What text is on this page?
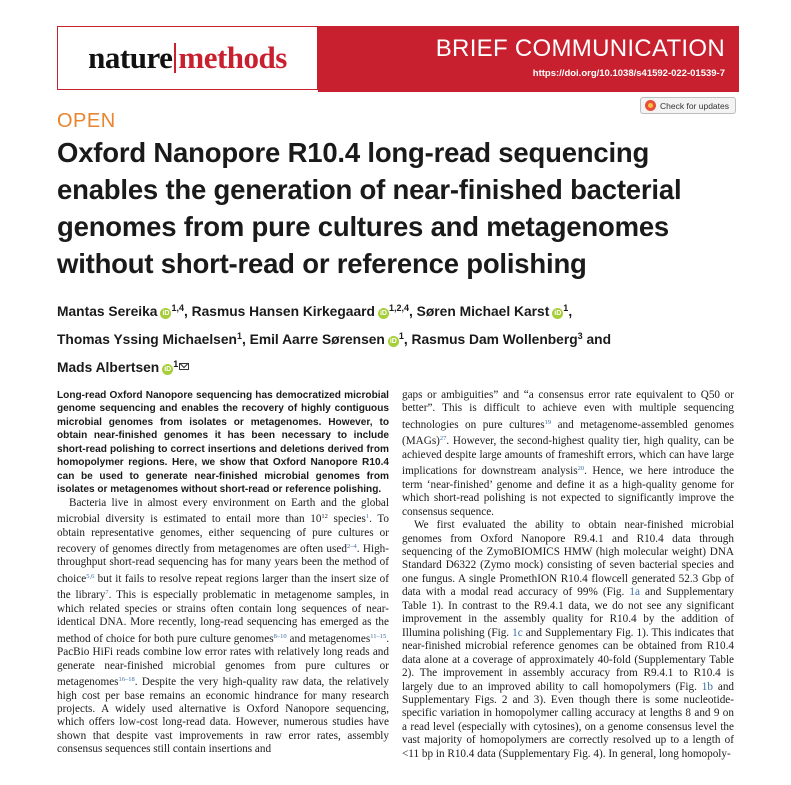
nature methods	BRIEF COMMUNICATION
https://doi.org/10.1038/s41592-022-01539-7
Check for updates
OPEN
Oxford Nanopore R10.4 long-read sequencing enables the generation of near-finished bacterial genomes from pure cultures and metagenomes without short-read or reference polishing
Mantas Sereika iD$^{1,4}$, Rasmus Hansen Kirkegaard iD$^{1,2,4}$, Søren Michael Karst iD$^1$,
Thomas Yssing Michaelsen$^1$, Emil Aarre Sørensen iD$^1$, Rasmus Dam Wollenberg$^3$ and
Mads Albertsen iD$^1$

Long-read Oxford Nanopore sequencing has democratized microbial genome sequencing and enables the recovery of highly contiguous microbial genomes from isolates or metagenomes. However, to obtain near-finished genomes it has been necessary to include short-read polishing to correct insertions and deletions derived from homopolymer regions. Here, we show that Oxford Nanopore R10.4 can be used to generate near-finished microbial genomes from isolates or metagenomes without short-read or reference polishing.

Bacteria live in almost every environment on Earth and the global microbial diversity is estimated to entail more than $10^{12}$ species$^1$. To obtain representative genomes, either sequencing of pure cultures or recovery of genomes directly from metagenomes are often used$^{2-4}$. High-throughput short-read sequencing has for many years been the method of choice$^{5,6}$ but it fails to resolve repeat regions larger than the insert size of the library$^7$. This is especially problematic in metagenome samples, in which related species or strains often contain long sequences of near-identical DNA. More recently, long-read sequencing has emerged as the method of choice for both pure culture genomes$^{8-10}$ and metagenomes$^{11-15}$. PacBio HiFi reads combine low error rates with relatively long reads and generate near-finished microbial genomes from pure cultures or metagenomes$^{16-18}$. Despite the very high-quality raw data, the relatively high cost per base remains an economic hindrance for many research projects. A widely used alternative is Oxford Nanopore sequencing, which offers low-cost long-read data. However, numerous studies have shown that despite vast improvements in raw error rates, assembly consensus sequences still contain insertions and

gaps or ambiguities” and “a consensus error rate equivalent to Q50 or better”. This is difficult to achieve even with multiple sequencing technologies on pure cultures$^{19}$ and metagenome-assembled genomes (MAGs)$^{27}$. However, the second-highest quality tier, high quality, can be achieved despite large amounts of frameshift errors, which can have large implications for downstream analysis$^{20}$. Hence, we here introduce the term ‘near-finished’ genome and define it as a high-quality genome for which short-read polishing is not expected to significantly improve the consensus sequence.

We first evaluated the ability to obtain near-finished microbial genomes from Oxford Nanopore R9.4.1 and R10.4 data through sequencing of the ZymoBIOMICS HMW (high molecular weight) DNA Standard D6322 (Zymo mock) consisting of seven bacterial species and one fungus. A single PromethION R10.4 flowcell generated 52.3 Gbp of data with a modal read accuracy of 99% (Fig. 1a and Supplementary Table 1). In contrast to the R9.4.1 data, we do not see any significant improvement in the assembly quality for R10.4 by the addition of Illumina polishing (Fig. 1c and Supplementary Fig. 1). This indicates that near-finished microbial reference genomes can be obtained from R10.4 data alone at a coverage of approximately 40-fold (Supplementary Table 2). The improvement in assembly accuracy from R9.4.1 to R10.4 is largely due to an improved ability to call homopolymers (Fig. 1b and Supplementary Figs. 2 and 3). Even though there is some nucleotide-specific variation in homopolymer calling accuracy at lengths 8 and 9 on a read level (especially with cytosines), on a genome consensus level the vast majority of homopolymers are correctly resolved up to a length of <11 bp in R10.4 data (Supplementary Fig. 4). In general, long homopoly-
